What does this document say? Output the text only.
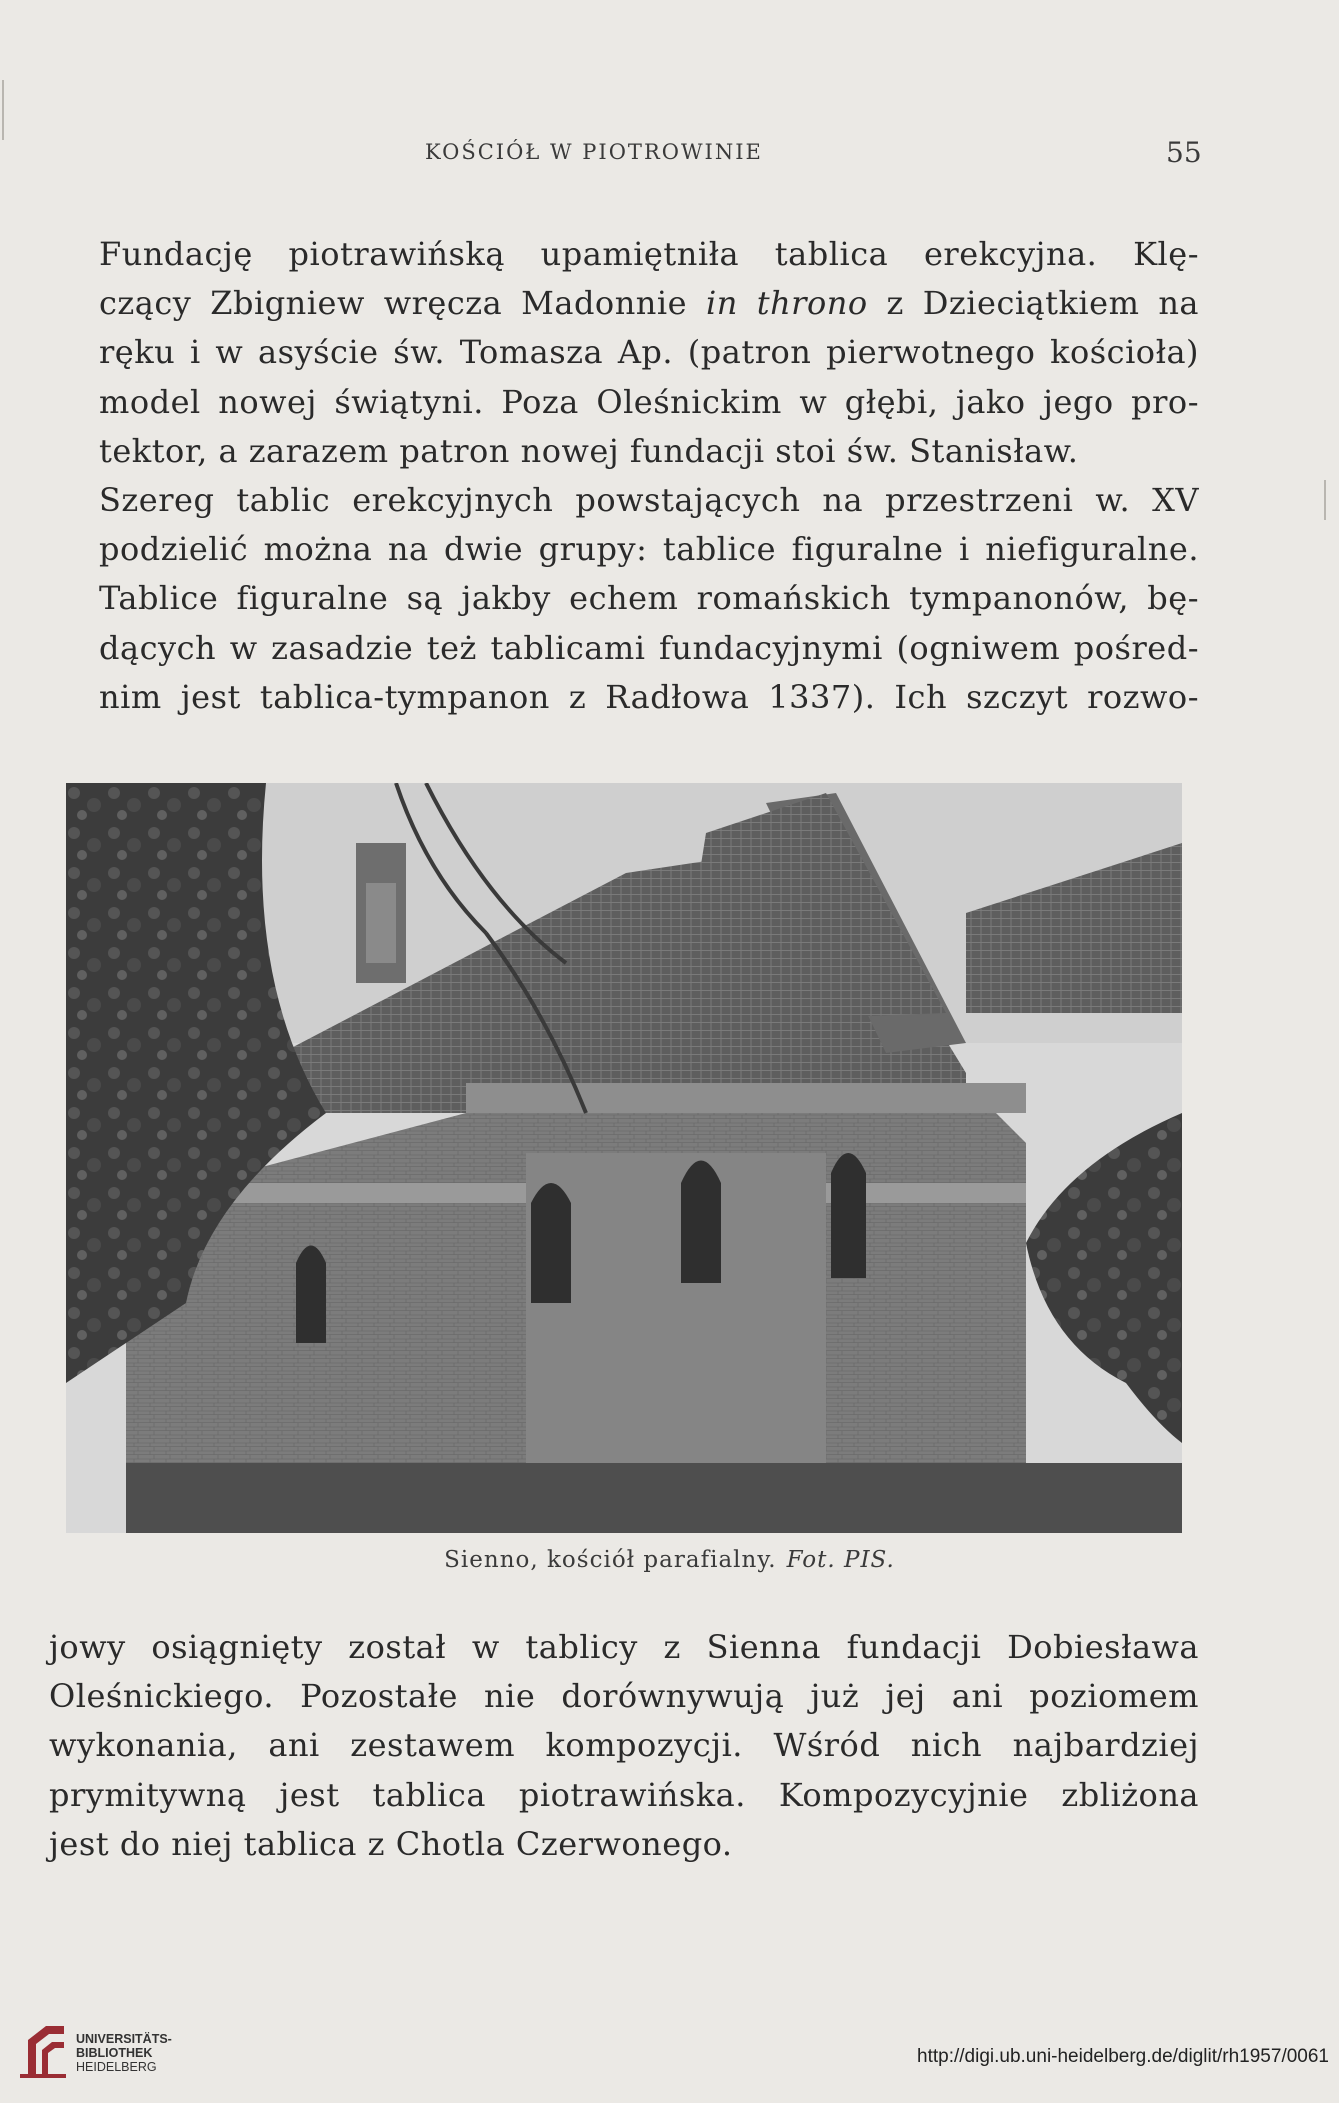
KOŚCIÓŁ W PIOTROWINIE	55

Fundację piotrawińską upamiętniła tablica erekcyjna. Klę-
czący Zbigniew wręcza Madonnie in throno z Dzieciątkiem na
ręku i w asyście św. Tomasza Ap. (patron pierwotnego kościoła)
model nowej świątyni. Poza Oleśnickim w głębi, jako jego pro-
tektor, a zarazem patron nowej fundacji stoi św. Stanisław.

Szereg tablic erekcyjnych powstających na przestrzeni w. XV
podzielić można na dwie grupy: tablice figuralne i niefiguralne.
Tablice figuralne są jakby echem romańskich tympanonów, bę-
dących w zasadzie też tablicami fundacyjnymi (ogniwem pośred-
nim jest tablica-tympanon z Radłowa 1337). Ich szczyt rozwo-

Sienno, kościół parafialny. Fot. PIS.

jowy osiągnięty został w tablicy z Sienna fundacji Dobiesława
Oleśnickiego. Pozostałe nie dorównywują już jej ani poziomem
wykonania, ani zestawem kompozycji. Wśród nich najbardziej
prymitywną jest tablica piotrawińska. Kompozycyjnie zbliżona
jest do niej tablica z Chotla Czerwonego.

UNIVERSITÄTS-
BIBLIOTHEK
HEIDELBERG	http://digi.ub.uni-heidelberg.de/diglit/rh1957/0061
